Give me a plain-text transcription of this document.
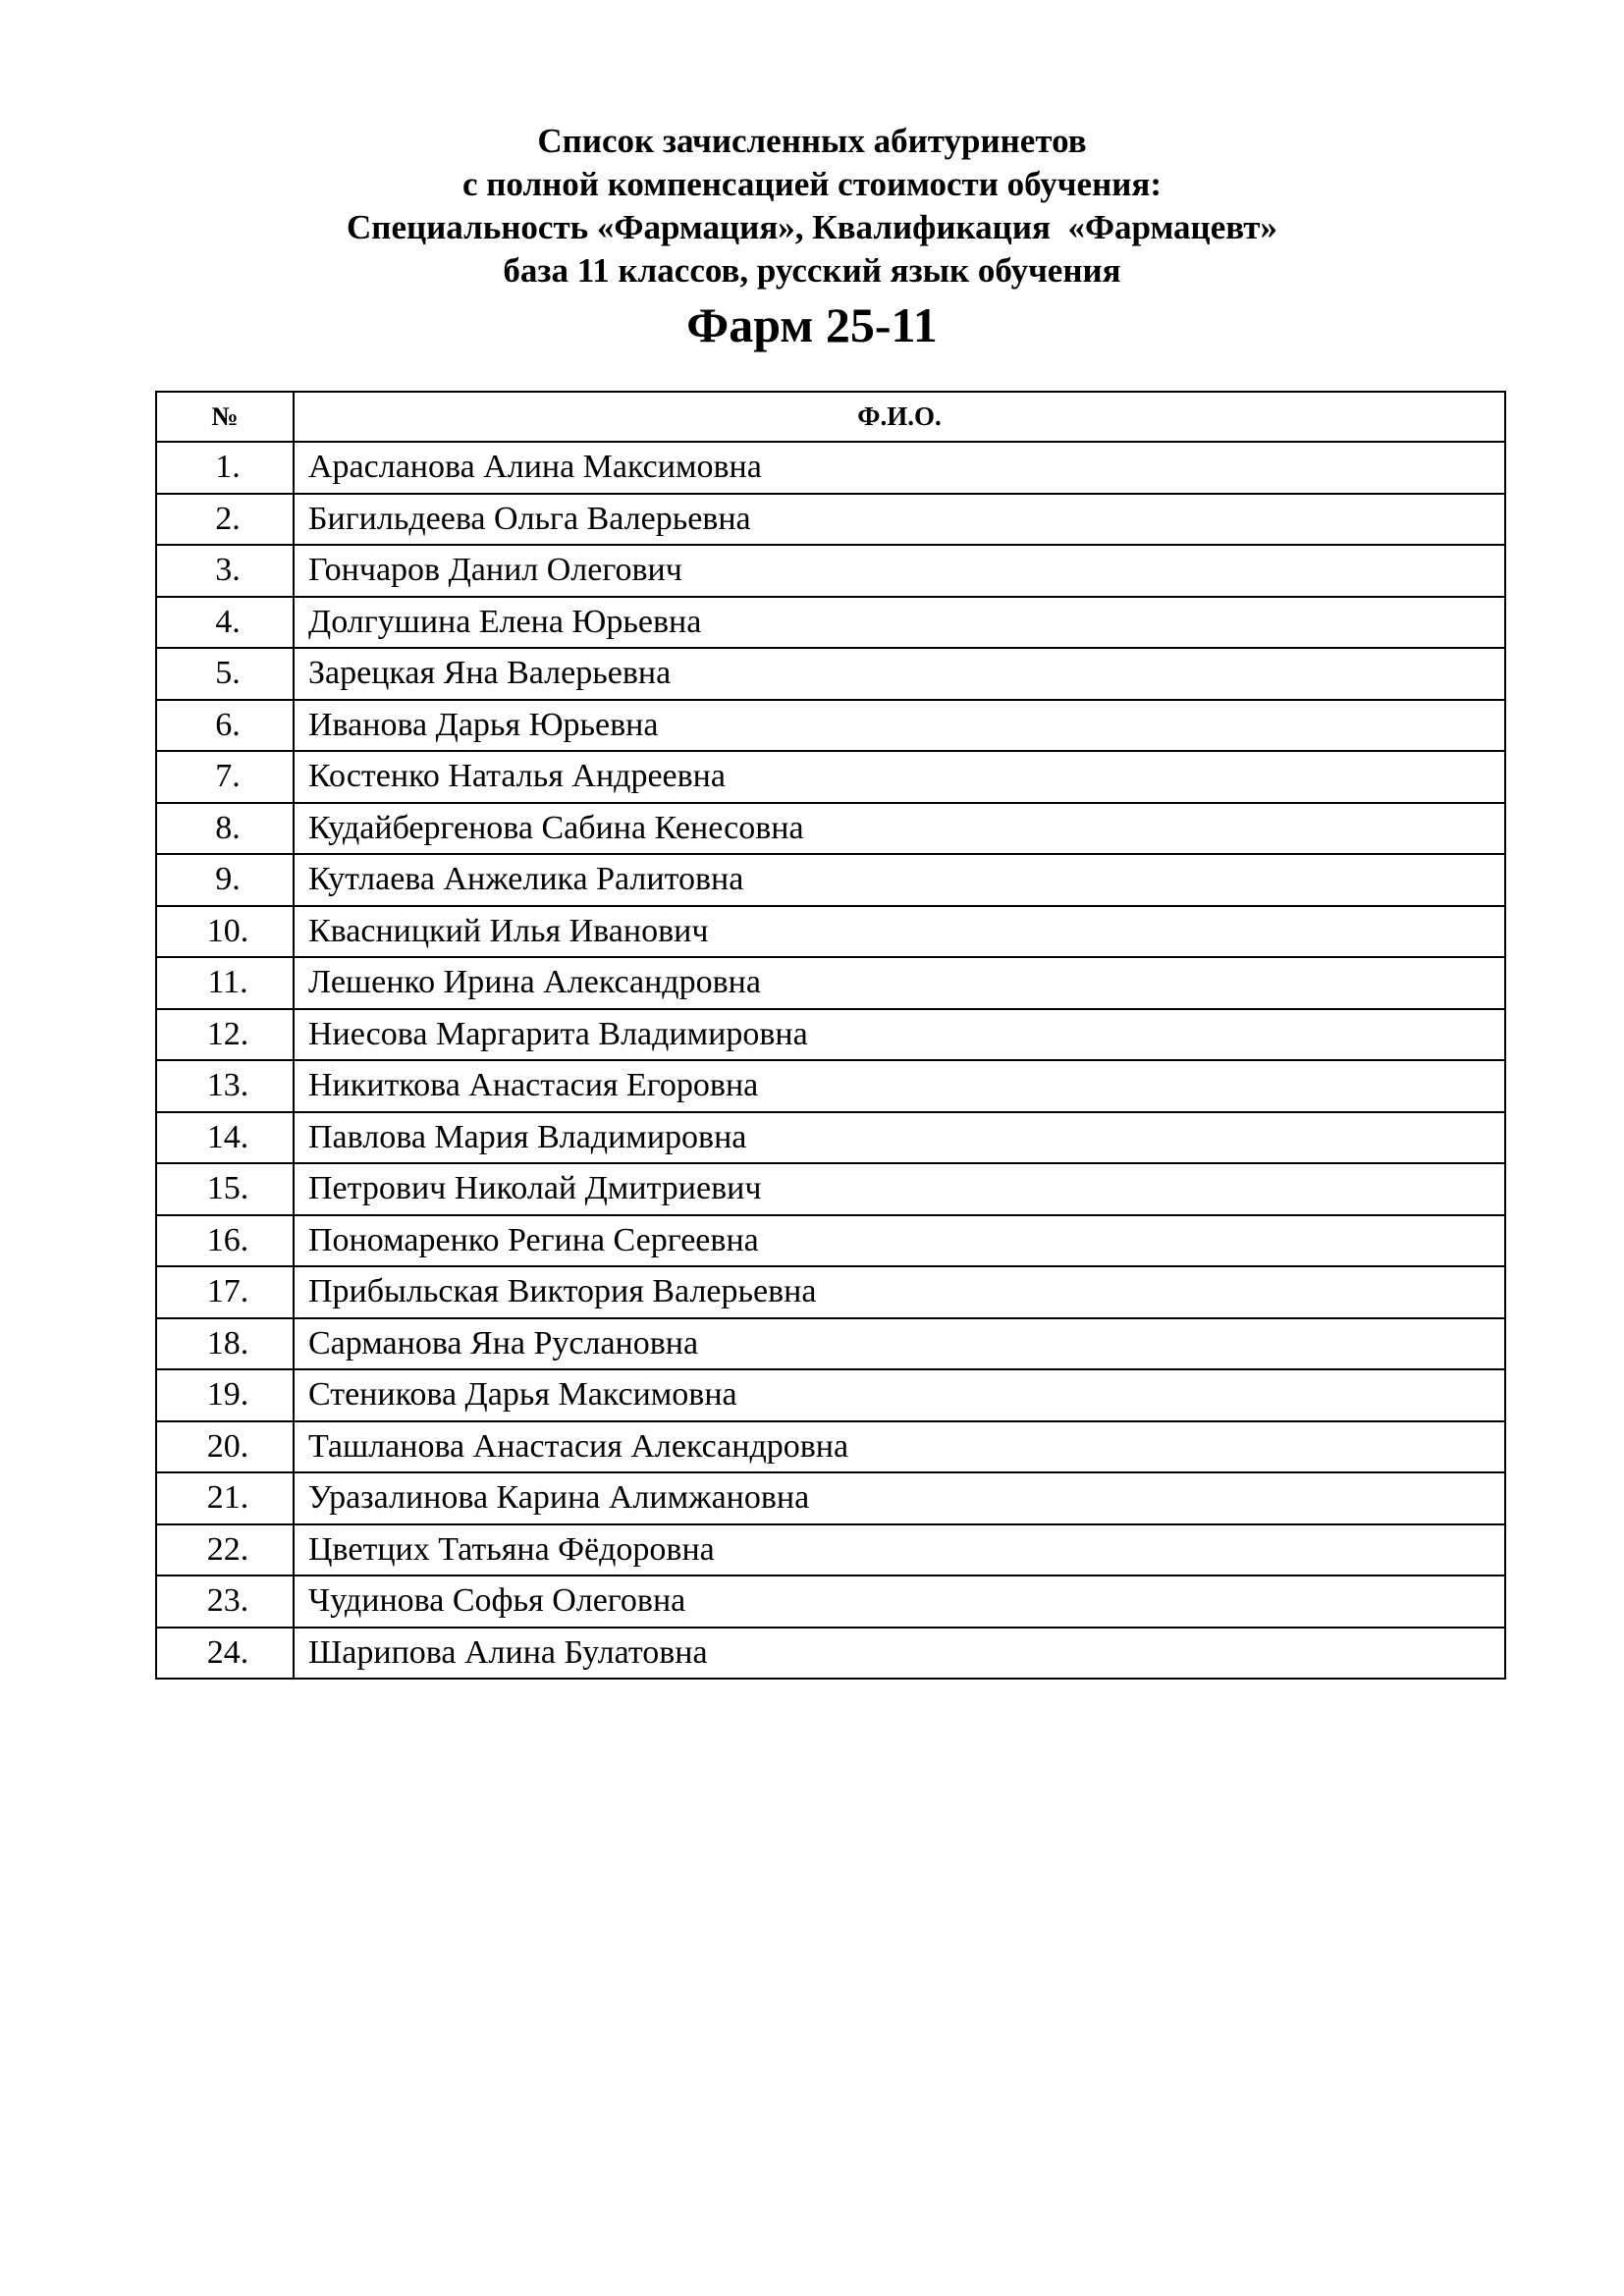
Список зачисленных абитуринетов
с полной компенсацией стоимости обучения:
Специальность «Фармация», Квалификация  «Фармацевт»
база 11 классов, русский язык обучения
Фарм 25-11
№	Ф.И.О.
1.	Арасланова Алина Максимовна
2.	Бигильдеева Ольга Валерьевна
3.	Гончаров Данил Олегович
4.	Долгушина Елена Юрьевна
5.	Зарецкая Яна Валерьевна
6.	Иванова Дарья Юрьевна
7.	Костенко Наталья Андреевна
8.	Кудайбергенова Сабина Кенесовна
9.	Кутлаева Анжелика Ралитовна
10.	Квасницкий Илья Иванович
11.	Лешенко Ирина Александровна
12.	Ниесова Маргарита Владимировна
13.	Никиткова Анастасия Егоровна
14.	Павлова Мария Владимировна
15.	Петрович Николай Дмитриевич
16.	Пономаренко Регина Сергеевна
17.	Прибыльская Виктория Валерьевна
18.	Сарманова Яна Руслановна
19.	Стеникова Дарья Максимовна
20.	Ташланова Анастасия Александровна
21.	Уразалинова Карина Алимжановна
22.	Цветцих Татьяна Фёдоровна
23.	Чудинова Софья Олеговна
24.	Шарипова Алина Булатовна
